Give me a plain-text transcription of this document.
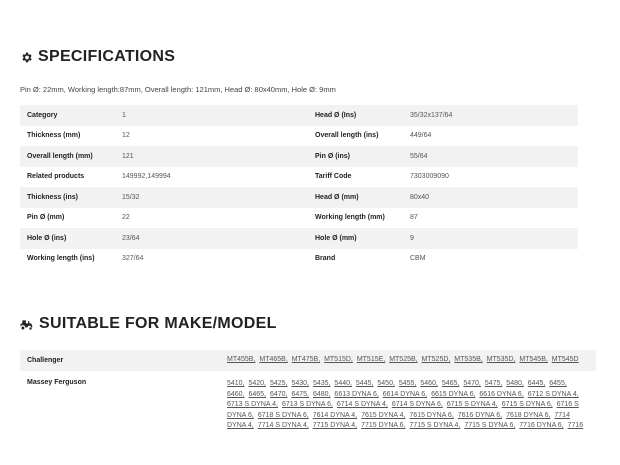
SPECIFICATIONS
Pin Ø: 22mm, Working length:87mm, Overall length: 121mm, Head Ø: 80x40mm, Hole Ø: 9mm
Category	1
Thickness (mm)	12
Overall length (mm)	121
Related products	149992,149994
Thickness (ins)	15/32
Pin Ø (mm)	22
Hole Ø (ins)	23/64
Working length (ins)	327/64
Head Ø (Ins)	35/32x137/64
Overall length (ins)	449/64
Pin Ø (ins)	55/64
Tariff Code	7303009090
Head Ø (mm)	80x40
Working length (mm)	87
Hole Ø (mm)	9
Brand	CBM
SUITABLE FOR MAKE/MODEL
Challenger	MT455B, MT465B, MT475B, MT515D, MT515E, MT525B, MT525D, MT535B, MT535D, MT545B, MT545D
Massey Ferguson	5410, 5420, 5425, 5430, 5435, 5440, 5445, 5450, 5455, 5460, 5465, 5470, 5475, 5480, 6445, 6455, 6460, 6465, 6470, 6475, 6480, 6613 DYNA 6, 6614 DYNA 6, 6615 DYNA 6, 6616 DYNA 6, 6712 S DYNA 4, 6713 S DYNA 4, 6713 S DYNA 6, 6714 S DYNA 4, 6714 S DYNA 6, 6715 S DYNA 4, 6715 S DYNA 6, 6716 S DYNA 6, 6718 S DYNA 6, 7614 DYNA 4, 7615 DYNA 4, 7615 DYNA 6, 7616 DYNA 6, 7618 DYNA 6, 7714 DYNA 4, 7714 S DYNA 4, 7715 DYNA 4, 7715 DYNA 6, 7715 S DYNA 4, 7715 S DYNA 6, 7716 DYNA 6, 7716
